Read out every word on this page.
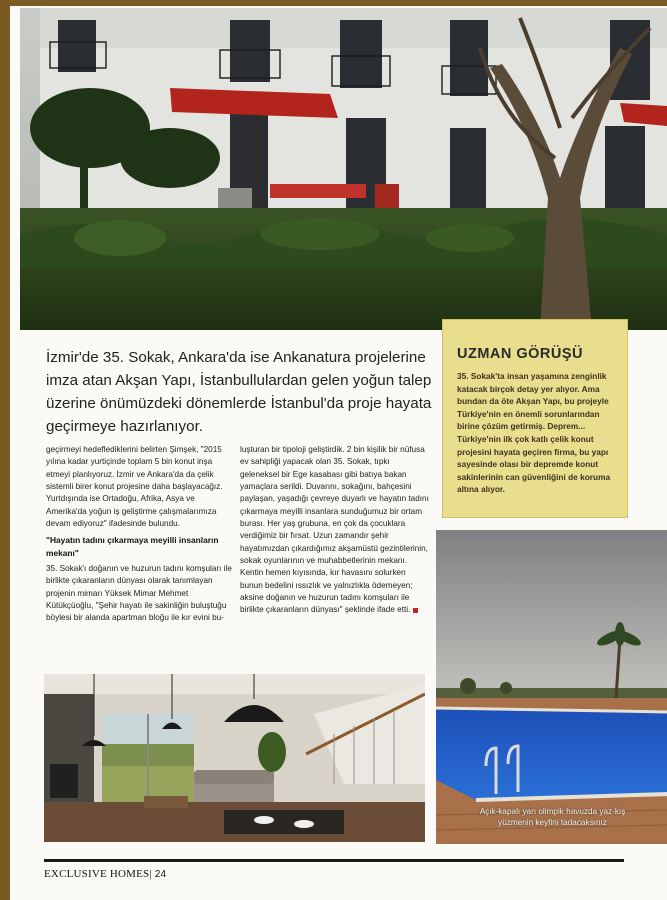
İzmir'de 35. Sokak, Ankara'da ise Ankanatura projelerine imza atan Akşan Yapı, İstanbullulardan gelen yoğun talep üzerine önümüzdeki dönemlerde İstanbul'da proje hayata geçirmeye hazırlanıyor.

UZMAN GÖRÜŞÜ

35. Sokak'ta insan yaşamına zenginlik katacak birçok detay yer alıyor. Ama bundan da öte Akşan Yapı, bu projeyle Türkiye'nin en önemli sorunlarından birine çözüm getirmiş. Deprem... Türkiye'nin ilk çok katlı çelik konut projesini hayata geçiren firma, bu yapı sayesinde olası bir depremde konut sakinlerinin can güvenliğini de koruma altına alıyor.

geçirmeyi hedeflediklerini belirten Şimşek, "2015 yılına kadar yurtiçinde toplam 5 bin konut inşa etmeyi planlıyoruz. İzmir ve Ankara'da da çelik sistemli birer konut projesine daha başlayacağız. Yurtdışında ise Ortadoğu, Afrika, Asya ve Amerika'da yoğun iş geliştirme çalışmalarımıza devam ediyoruz" ifadesinde bulundu.

"Hayatın tadını çıkarmaya meyilli insanların mekanı"

35. Sokak'ı doğanın ve huzurun tadını komşuları ile birlikte çıkaranların dünyası olarak tanımlayan projenin mimarı Yüksek Mimar Mehmet Kütükçüoğlu, "Şehir hayatı ile sakinliğin buluştuğu böylesi bir alanda apartman bloğu ile kır evini bu-

luşturan bir tipoloji geliştirdik. 2 bin kişilik bir nüfusa ev sahipliği yapacak olan 35. Sokak, tıpkı geleneksel bir Ege kasabası gibi batıya bakan yamaçlara serildi. Duvarını, sokağını, bahçesini paylaşan, yaşadığı çevreye duyarlı ve hayatın tadını çıkarmaya meyilli insanlara sunduğumuz bir ortam burası. Her yaş grubuna, en çok da çocuklara verdiğimiz bir fırsat. Uzun zamandır şehir hayatımızdan çıkardığımız akşamüstü gezintilerinin, sokak oyunlarının ve muhabbetlerinin mekanı. Kentin hemen kıyısında, kır havasını solurken bunun bedelini ıssızlık ve yalnızlıkla ödemeyen; aksine doğanın ve huzurun tadını komşuları ile birlikte çıkaranların dünyası" şeklinde ifade etti.

Açık-kapalı yarı olimpik havuzda yaz-kış
yüzmenin keyfini tadacaksınız
EXCLUSIVE HOMES| 24
